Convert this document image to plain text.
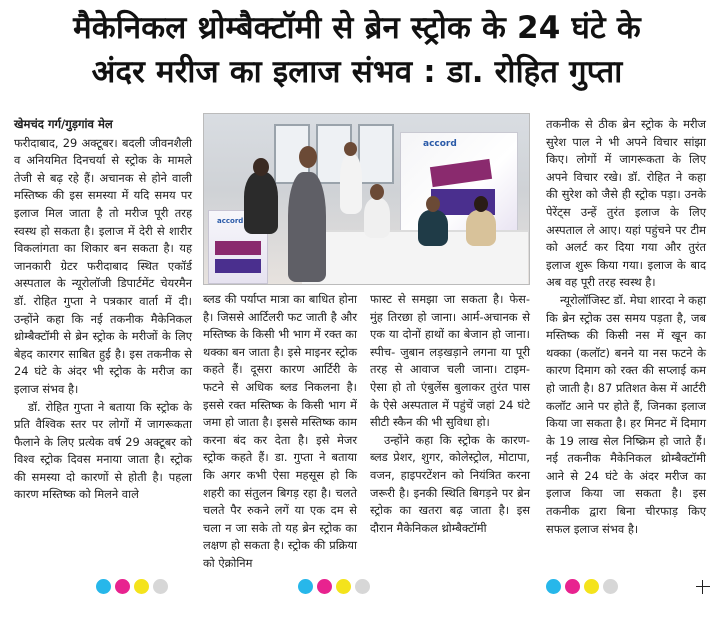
मैकेनिकल थ्रोम्बैक्टॉमी से ब्रेन स्ट्रोक के 24 घंटे के
अंदर मरीज का इलाज संभव : डा. रोहित गुप्ता
खेमचंद गर्ग/गुड़गांव मेल

फरीदाबाद, 29 अक्टूबर। बदली जीवनशैली व अनियमित दिनचर्या से स्ट्रोक के मामले तेजी से बढ़ रहे हैं। अचानक से होने वाली मस्तिष्क की इस समस्या में यदि समय पर इलाज मिल जाता है तो मरीज पूरी तरह स्वस्थ हो सकता है। इलाज में देरी से शारीर विकलांगता का शिकार बन सकता है। यह जानकारी ग्रेटर फरीदाबाद स्थित एकॉर्ड अस्पताल के न्यूरोलॉजी डिपार्टमेंट चेयरमैन डॉ. रोहित गुप्ता ने पत्रकार वार्ता में दी। उन्होंने कहा कि नई तकनीक मैकेनिकल थ्रोम्बैक्टॉमी से ब्रेन स्ट्रोक के मरीजों के लिए बेहद कारगर साबित हुई है। इस तकनीक से 24 घंटे के अंदर भी स्ट्रोक के मरीज का इलाज संभव है।

डॉ. रोहित गुप्ता ने बताया कि स्ट्रोक के प्रति वैश्विक स्तर पर लोगों में जागरूकता फैलाने के लिए प्रत्येक वर्ष 29 अक्टूबर को विश्व स्ट्रोक दिवस मनाया जाता है। स्ट्रोक की समस्या दो कारणों से होती है। पहला कारण मस्तिष्क को मिलने वाले

accord
accord

ब्लड की पर्याप्त मात्रा का बाधित होना है। जिससे आर्टिलरी फट जाती है और मस्तिष्क के किसी भी भाग में रक्त का थक्का बन जाता है। इसे माइनर स्ट्रोक कहते हैं। दूसरा कारण आर्टिरी के फटने से अधिक ब्लड निकलना है। इससे रक्त मस्तिष्क के किसी भाग में जमा हो जाता है। इससे मस्तिष्क काम करना बंद कर देता है। इसे मेजर स्ट्रोक कहते हैं। डा. गुप्ता ने बताया कि अगर कभी ऐसा महसूस हो कि शहरी का संतुलन बिगड़ रहा है। चलते चलते पैर रुकने लगें या एक दम से चला न जा सके तो यह ब्रेन स्ट्रोक का लक्षण हो सकता है। स्ट्रोक की प्रक्रिया को ऐक्रोनिम

फास्ट से समझा जा सकता है। फेस- मुंह तिरछा हो जाना। आर्म-अचानक से एक या दोनों हाथों का बेजान हो जाना। स्पीच- जुबान लड़खड़ाने लगना या पूरी तरह से आवाज चली जाना। टाइम- ऐसा हो तो एंबुलेंस बुलाकर तुरंत पास के ऐसे अस्पताल में पहुंचें जहां 24 घंटे सीटी स्कैन की भी सुविधा हो।

उन्होंने कहा कि स्ट्रोक के कारण- ब्लड प्रेशर, शुगर, कोलेस्ट्रोल, मोटापा, वजन, हाइपरटेंशन को नियंत्रित करना जरूरी है। इनकी स्थिति बिगड़ने पर ब्रेन स्ट्रोक का खतरा बढ़ जाता है। इस दौरान मैकेनिकल थ्रोम्बैक्टॉमी

तकनीक से ठीक ब्रेन स्ट्रोक के मरीज सुरेश पाल ने भी अपने विचार सांझा किए। लोगों में जागरूकता के लिए अपने विचार रखे। डॉ. रोहित ने कहा की सुरेश को जैसे ही स्ट्रोक पड़ा। उनके पेरेंट्स उन्हें तुरंत इलाज के लिए अस्पताल ले आए। यहां पहुंचने पर टीम को अलर्ट कर दिया गया और तुरंत इलाज शुरू किया गया। इलाज के बाद अब वह पूरी तरह स्वस्थ है।

न्यूरोलॉजिस्ट डॉ. मेघा शारदा ने कहा कि ब्रेन स्ट्रोक उस समय पड़ता है, जब मस्तिष्क की किसी नस में खून का थक्का (कलॉट) बनने या नस फटने के कारण दिमाग को रक्त की सप्लाई कम हो जाती है। 87 प्रतिशत केस में आर्टरी कलॉट आने पर होते हैं, जिनका इलाज किया जा सकता है। हर मिनट में दिमाग के 19 लाख सेल निष्क्रिम हो जाते हैं। नई तकनीक मैकेनिकल थ्रोम्बैक्टॉमी आने से 24 घंटे के अंदर मरीज का इलाज किया जा सकता है। इस तकनीक द्वारा बिना चीरफाड़ किए सफल इलाज संभव है।
